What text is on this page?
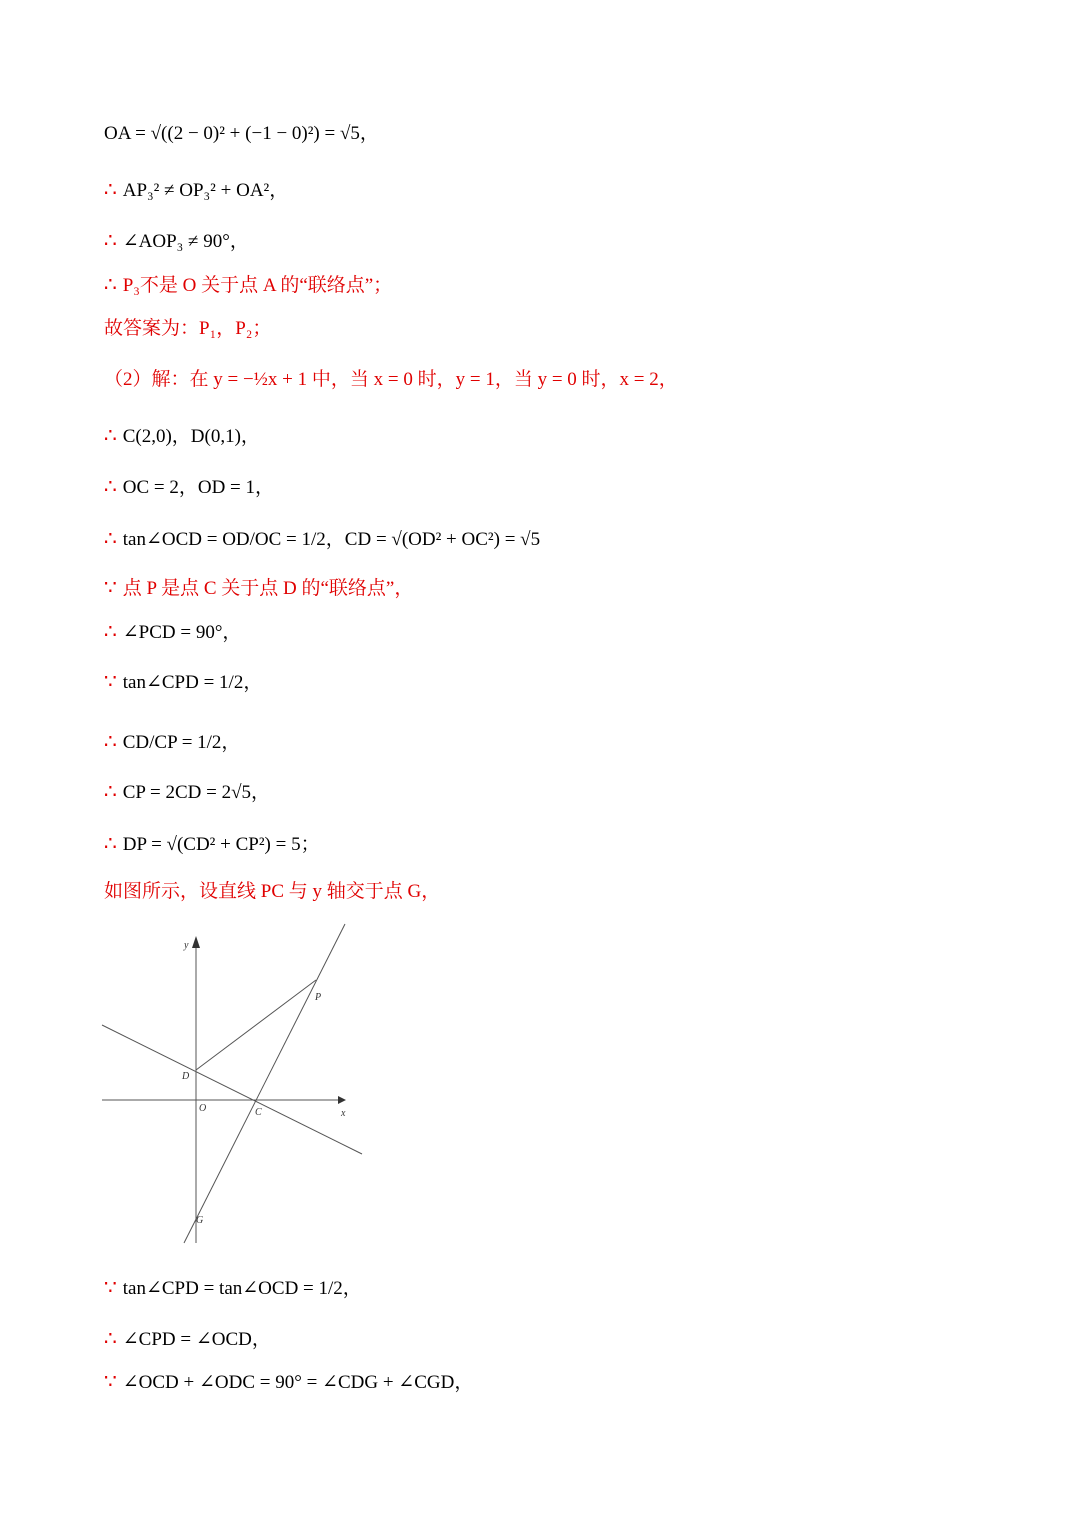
OA = √((2 − 0)² + (−1 − 0)²) = √5，
∴ AP₃² ≠ OP₃² + OA²，
∴ ∠AOP₃ ≠ 90°，
∴ P₃不是 O 关于点 A 的“联络点”；
故答案为：P₁，P₂；
（2）解：在 y = −½x + 1 中，当 x = 0 时，y = 1，当 y = 0 时，x = 2，
∴ C(2,0)，D(0,1)，
∴ OC = 2，OD = 1，
∴ tan∠OCD = OD/OC = 1/2，CD = √(OD² + OC²) = √5
∵ 点 P 是点 C 关于点 D 的“联络点”，
∴ ∠PCD = 90°，
∵ tan∠CPD = 1/2，
∴ CD/CP = 1/2，
∴ CP = 2CD = 2√5，
∴ DP = √(CD² + CP²) = 5；
如图所示，设直线 PC 与 y 轴交于点 G，
y
x
P
D
O	C
G
∵ tan∠CPD = tan∠OCD = 1/2，
∴ ∠CPD = ∠OCD，
∵ ∠OCD + ∠ODC = 90° = ∠CDG + ∠CGD，
